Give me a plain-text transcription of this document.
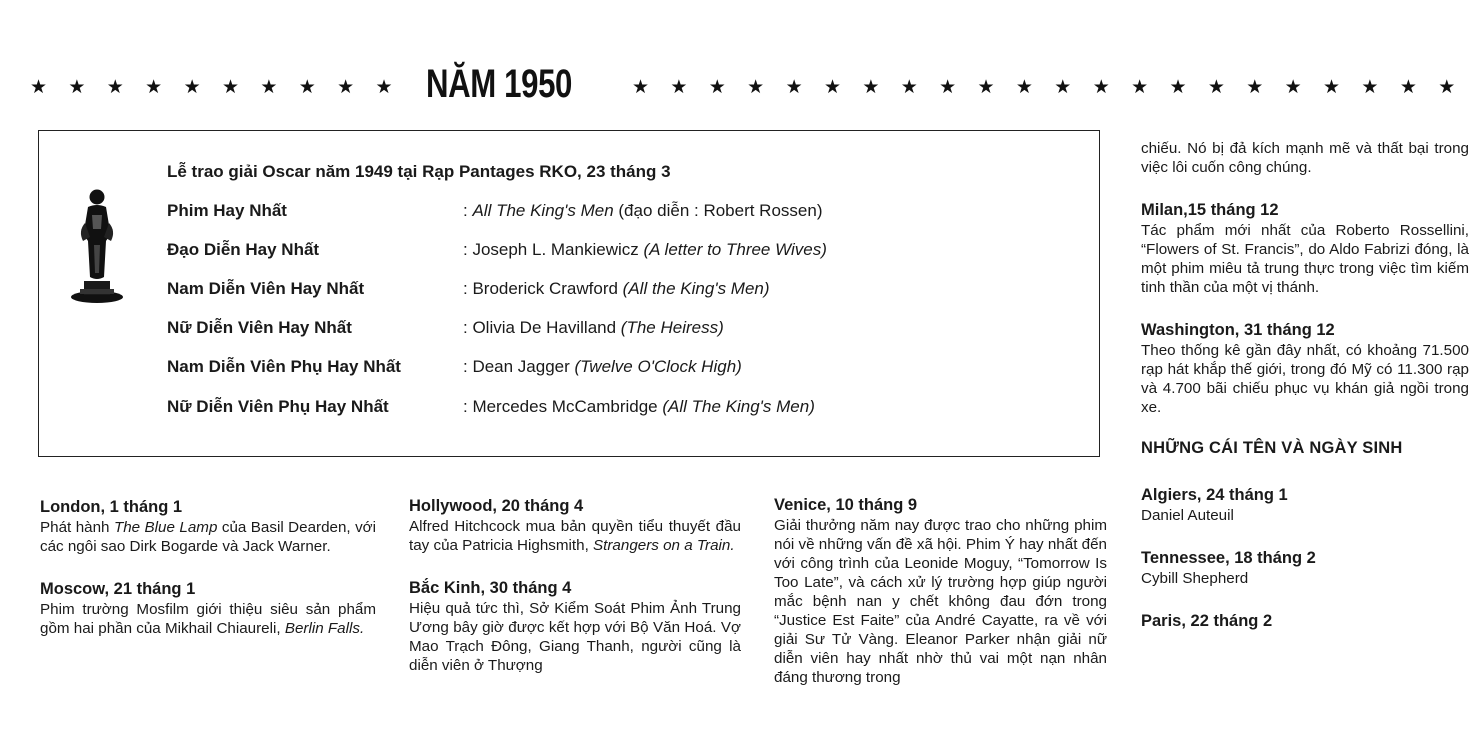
★ ★ ★ ★ ★ ★ ★ ★ ★ ★ NĂM 1950	★ ★ ★ ★ ★ ★ ★ ★ ★ ★ ★ ★ ★ ★ ★ ★ ★ ★ ★ ★ ★ ★
Lễ trao giải Oscar năm 1949 tại Rạp Pantages RKO, 23 tháng 3
Phim Hay Nhất	: All The King's Men (đạo diễn : Robert Rossen)
Đạo Diễn Hay Nhất	: Joseph L. Mankiewicz (A letter to Three Wives)
Nam Diễn Viên Hay Nhất	: Broderick Crawford (All the King's Men)
Nữ Diễn Viên Hay Nhất	: Olivia De Havilland (The Heiress)
Nam Diễn Viên Phụ Hay Nhất	: Dean Jagger (Twelve O'Clock High)
Nữ Diễn Viên Phụ Hay Nhất	: Mercedes McCambridge (All The King's Men)
London, 1 tháng 1

Phát hành The Blue Lamp của Basil Dearden, với các ngôi sao Dirk Bogarde và Jack Warner.

Moscow, 21 tháng 1

Phim trường Mosfilm giới thiệu siêu sản phẩm gồm hai phần của Mikhail Chiaureli, Berlin Falls.

Hollywood, 20 tháng 4

Alfred Hitchcock mua bản quyền tiểu thuyết đầu tay của Patricia Highsmith, Strangers on a Train.

Bắc Kinh, 30 tháng 4

Hiệu quả tức thì, Sở Kiểm Soát Phim Ảnh Trung Ương bây giờ được kết hợp với Bộ Văn Hoá. Vợ Mao Trạch Đông, Giang Thanh, người cũng là diễn viên ở Thượng

Venice, 10 tháng 9

Giải thưởng năm nay được trao cho những phim nói về những vấn đề xã hội. Phim Ý hay nhất đến với công trình của Leonide Moguy, “Tomorrow Is Too Late”, và cách xử lý trường hợp giúp người mắc bệnh nan y chết không đau đớn trong “Justice Est Faite” của André Cayatte, ra về với giải Sư Tử Vàng. Eleanor Parker nhận giải nữ diễn viên hay nhất nhờ thủ vai một nạn nhân đáng thương trong

chiếu. Nó bị đả kích mạnh mẽ và thất bại trong việc lôi cuốn công chúng.

Milan,15 tháng 12

Tác phẩm mới nhất của Roberto Rossellini, “Flowers of St. Francis”, do Aldo Fabrizi đóng, là một phim miêu tả trung thực trong việc tìm kiếm tinh thần của một vị thánh.

Washington, 31 tháng 12

Theo thống kê gần đây nhất, có khoảng 71.500 rạp hát khắp thế giới, trong đó Mỹ có 11.300 rạp và 4.700 bãi chiếu phục vụ khán giả ngồi trong xe.

NHỮNG CÁI TÊN VÀ NGÀY SINH
Algiers, 24 tháng 1

Daniel Auteuil

Tennessee, 18 tháng 2

Cybill Shepherd

Paris, 22 tháng 2
